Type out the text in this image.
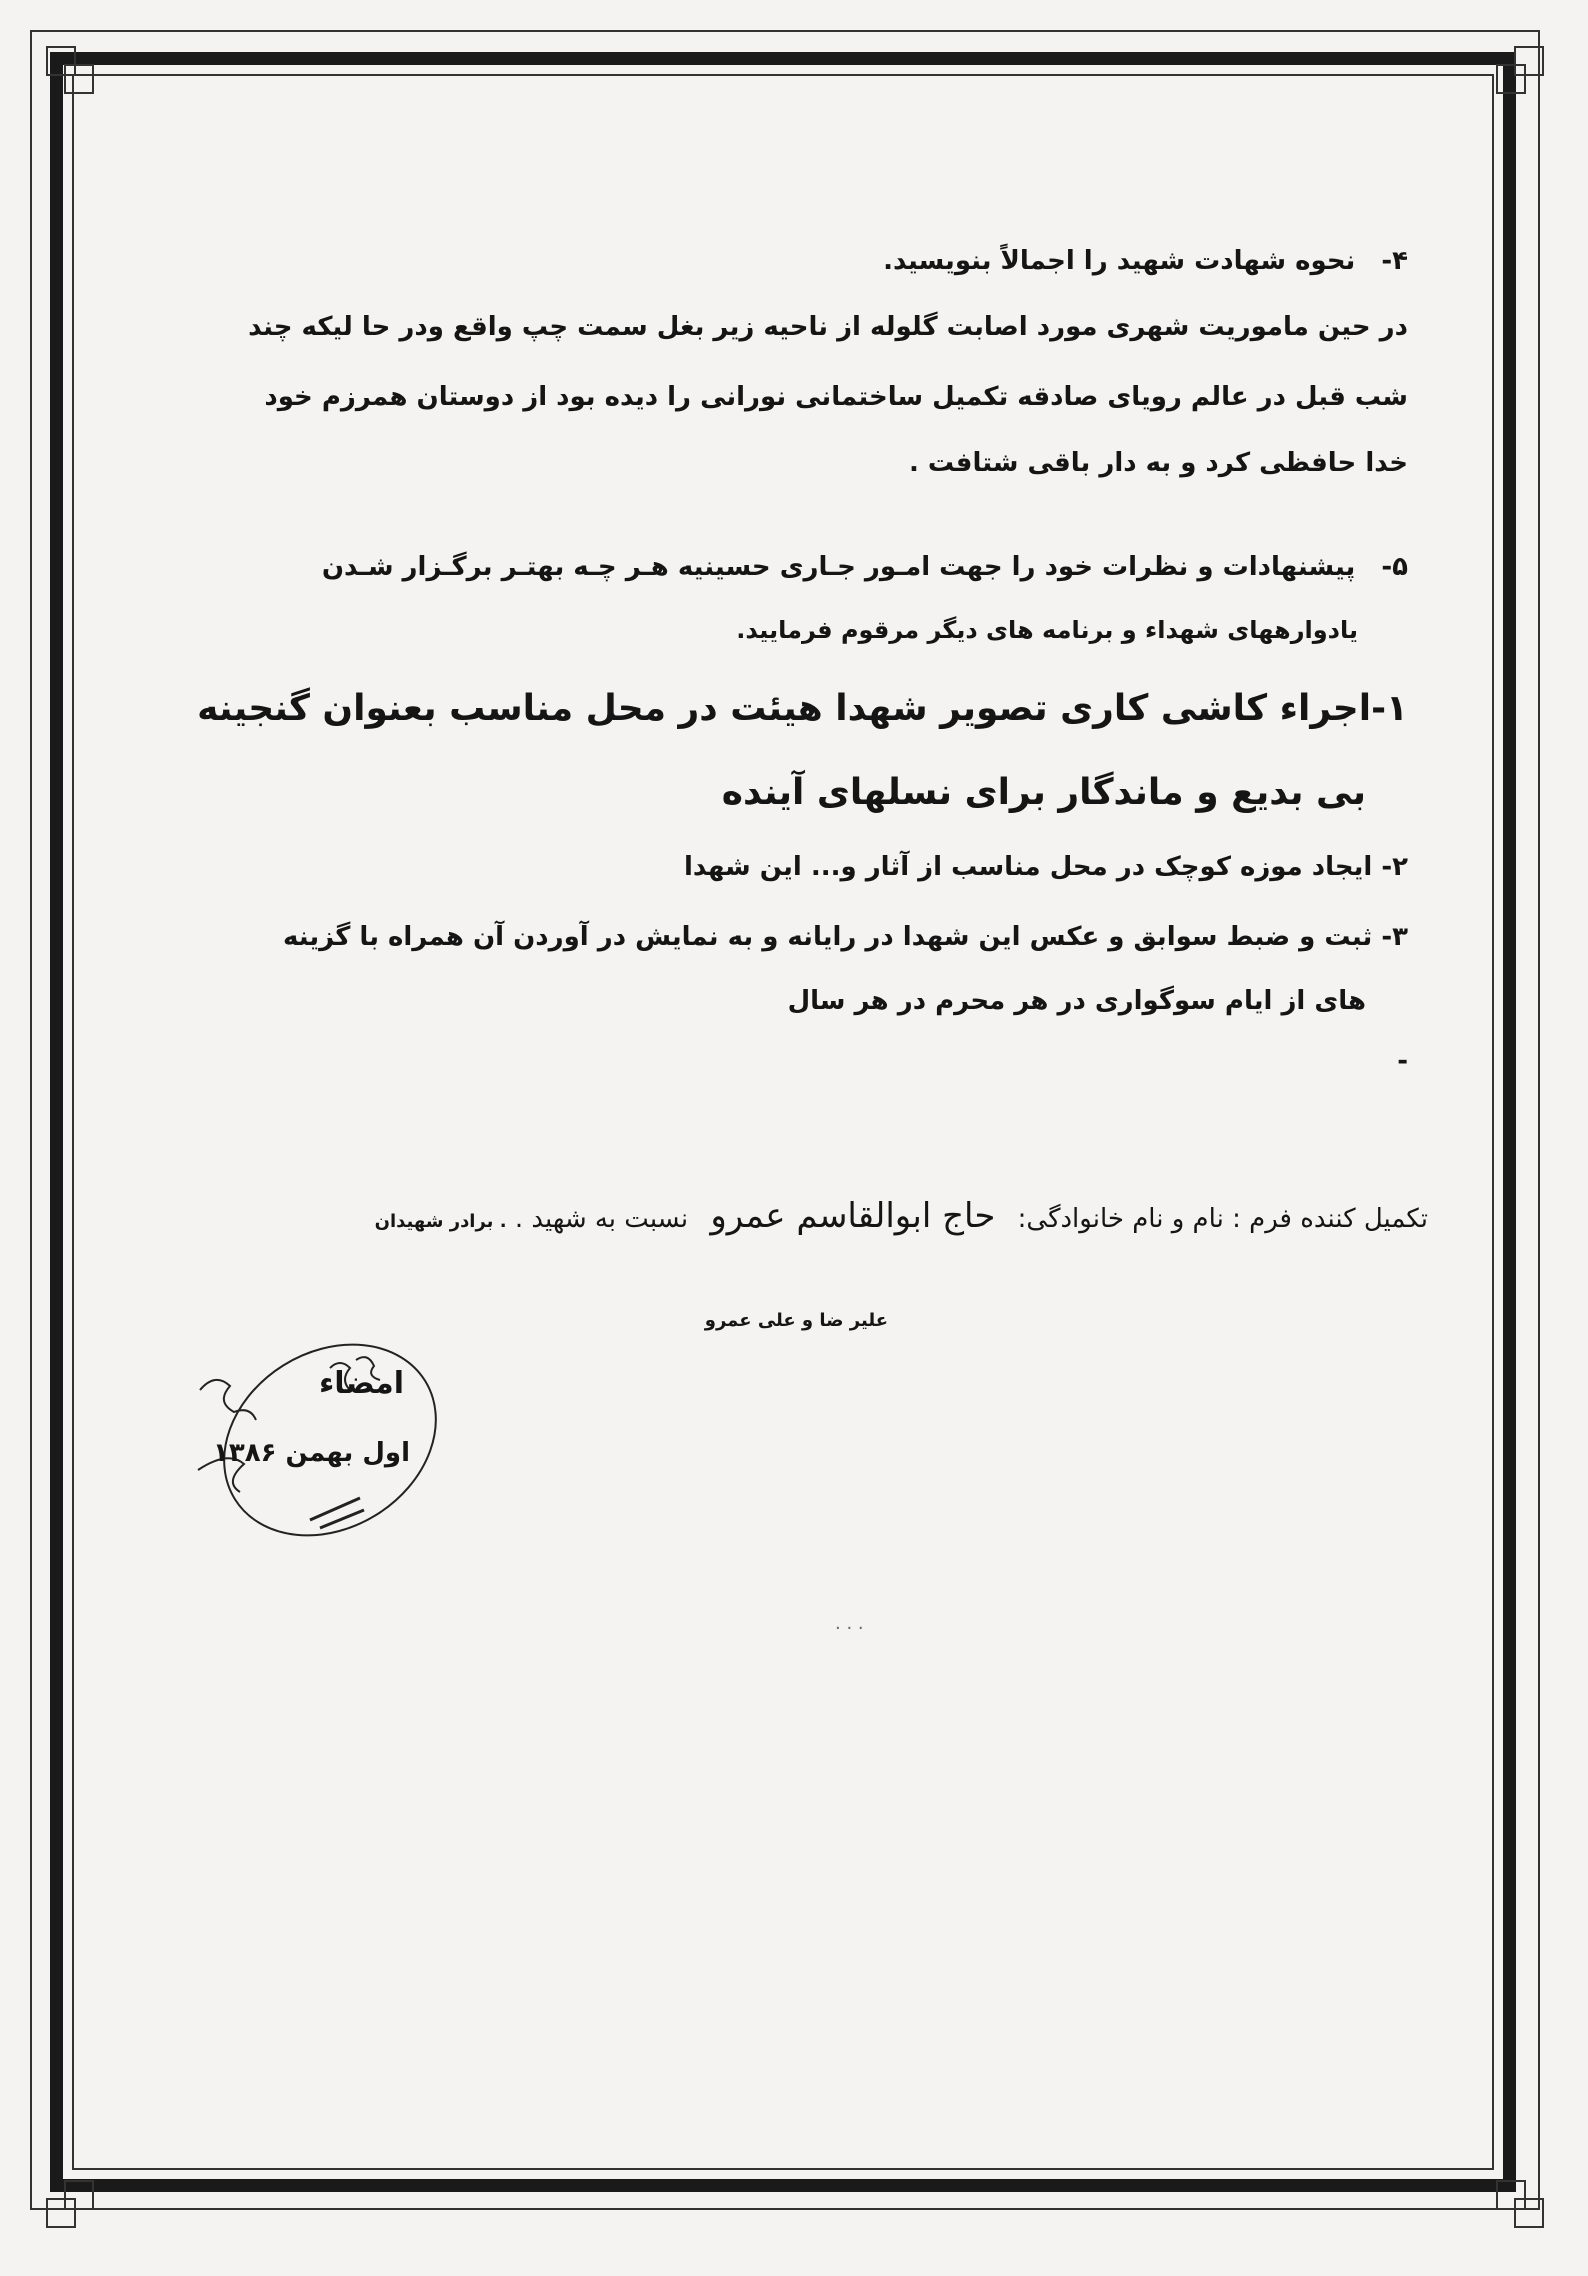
۴-نحوه شهادت شهید را اجمالاً بنویسید.
در حین ماموریت شهری مورد اصابت گلوله از ناحیه زیر بغل سمت چپ واقع ودر حا لیکه چند
شب قبل در عالم رویای صادقه تکمیل ساختمانی نورانی را دیده بود از دوستان همرزم خود
خدا حافظی کرد و به دار باقی شتافت .
۵-پیشنهادات و نظرات خود را جهت امـور جـاری حسینیه هـر چـه بهتـر برگـزار شـدن
یادوارههای شهداء و برنامه های دیگر مرقوم فرمایید.
۱-اجراء کاشی کاری تصویر شهدا هیئت در محل مناسب بعنوان گنجینه
بی بدیع و ماندگار برای نسلهای آینده
۲- ایجاد موزه کوچک در محل مناسب از آثار و... این شهدا
۳- ثبت و ضبط سوابق و عکس این شهدا در رایانه و به نمایش در آوردن آن همراه با گزینه
های از ایام سوگواری در هر محرم در هر سال
-
تکمیل کننده فرم : نام و نام خانوادگی: حاج ابوالقاسم عمرو نسبت به شهید . . برادر شهیدان
علیر ضا و علی عمرو
امضاء
اول بهمن ۱۳۸۶
· · ·
